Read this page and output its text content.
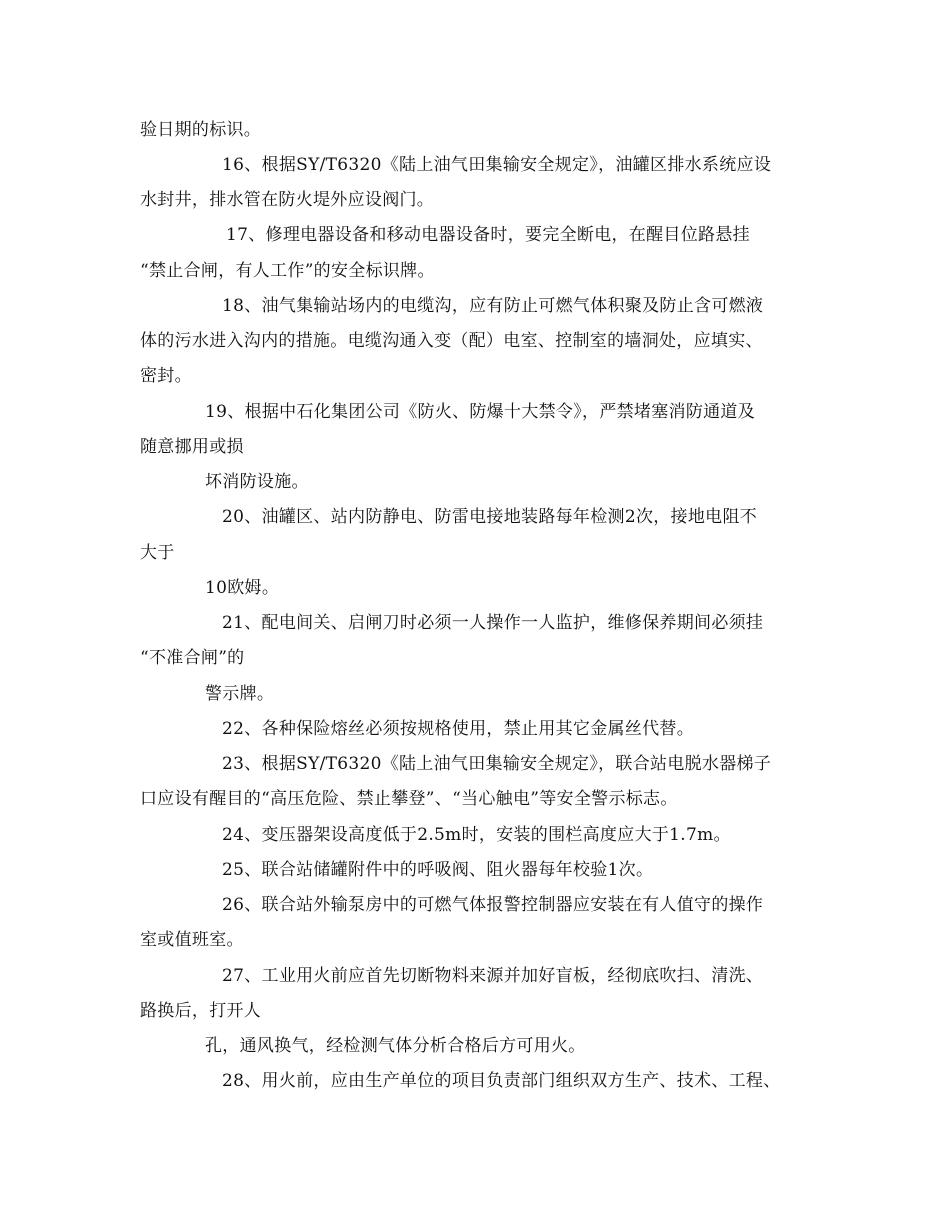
验日期的标识。
16、根据SY/T6320《陆上油气田集输安全规定》，油罐区排水系统应设
水封井，排水管在防火堤外应设阀门。
17、修理电器设备和移动电器设备时，要完全断电，在醒目位路悬挂
“禁止合闸，有人工作”的安全标识牌。
18、油气集输站场内的电缆沟，应有防止可燃气体积聚及防止含可燃液
体的污水进入沟内的措施。电缆沟通入变（配）电室、控制室的墙洞处，应填实、
密封。
19、根据中石化集团公司《防火、防爆十大禁令》，严禁堵塞消防通道及
随意挪用或损
坏消防设施。
20、油罐区、站内防静电、防雷电接地装路每年检测2次，接地电阻不
大于
10欧姆。
21、配电间关、启闸刀时必须一人操作一人监护，维修保养期间必须挂
“不准合闸”的
警示牌。
22、各种保险熔丝必须按规格使用，禁止用其它金属丝代替。
23、根据SY/T6320《陆上油气田集输安全规定》，联合站电脱水器梯子
口应设有醒目的“高压危险、禁止攀登”、“当心触电”等安全警示标志。
24、变压器架设高度低于2.5m时，安装的围栏高度应大于1.7m。
25、联合站储罐附件中的呼吸阀、阻火器每年校验1次。
26、联合站外输泵房中的可燃气体报警控制器应安装在有人值守的操作
室或值班室。
27、工业用火前应首先切断物料来源并加好盲板，经彻底吹扫、清洗、
路换后，打开人
孔，通风换气，经检测气体分析合格后方可用火。
28、用火前，应由生产单位的项目负责部门组织双方生产、技术、工程、
